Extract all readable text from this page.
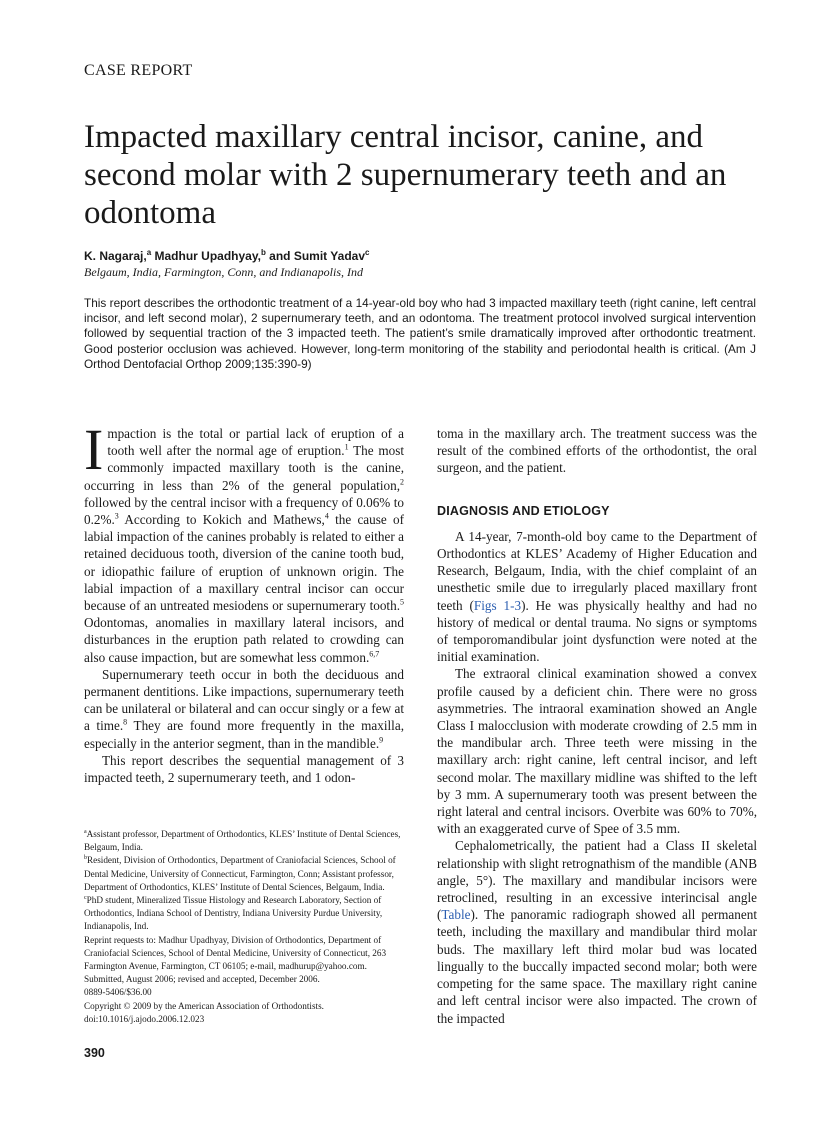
CASE REPORT
Impacted maxillary central incisor, canine, and second molar with 2 supernumerary teeth and an odontoma
K. Nagaraj,$^a$ Madhur Upadhyay,$^b$ and Sumit Yadav$^c$
Belgaum, India, Farmington, Conn, and Indianapolis, Ind
This report describes the orthodontic treatment of a 14-year-old boy who had 3 impacted maxillary teeth (right canine, left central incisor, and left second molar), 2 supernumerary teeth, and an odontoma. The treatment protocol involved surgical intervention followed by sequential traction of the 3 impacted teeth. The patient’s smile dramatically improved after orthodontic treatment. Good posterior occlusion was achieved. However, long-term monitoring of the stability and periodontal health is critical. (Am J Orthod Dentofacial Orthop 2009;135:390-9)

Impaction is the total or partial lack of eruption of a tooth well after the normal age of eruption.$^1$ The most commonly impacted maxillary tooth is the canine, occurring in less than 2% of the general population,$^2$ followed by the central incisor with a frequency of 0.06% to 0.2%.$^3$ According to Kokich and Mathews,$^4$ the cause of labial impaction of the canines probably is related to either a retained deciduous tooth, diversion of the canine tooth bud, or idiopathic failure of eruption of unknown origin. The labial impaction of a maxillary central incisor can occur because of an untreated mesiodens or supernumerary tooth.$^5$ Odontomas, anomalies in maxillary lateral incisors, and disturbances in the eruption path related to crowding can also cause impaction, but are somewhat less common.$^{6,7}$

Supernumerary teeth occur in both the deciduous and permanent dentitions. Like impactions, supernumerary teeth can be unilateral or bilateral and can occur singly or a few at a time.$^8$ They are found more frequently in the maxilla, especially in the anterior segment, than in the mandible.$^9$

This report describes the sequential management of 3 impacted teeth, 2 supernumerary teeth, and 1 odon-

$^a$Assistant professor, Department of Orthodontics, KLES’ Institute of Dental Sciences, Belgaum, India.

$^b$Resident, Division of Orthodontics, Department of Craniofacial Sciences, School of Dental Medicine, University of Connecticut, Farmington, Conn; Assistant professor, Department of Orthodontics, KLES’ Institute of Dental Sciences, Belgaum, India.

$^c$PhD student, Mineralized Tissue Histology and Research Laboratory, Section of Orthodontics, Indiana School of Dentistry, Indiana University Purdue University, Indianapolis, Ind.

Reprint requests to: Madhur Upadhyay, Division of Orthodontics, Department of Craniofacial Sciences, School of Dental Medicine, University of Connecticut, 263 Farmington Avenue, Farmington, CT 06105; e-mail, madhurup@yahoo.com.

Submitted, August 2006; revised and accepted, December 2006.

0889-5406/$36.00

Copyright © 2009 by the American Association of Orthodontists.

doi:10.1016/j.ajodo.2006.12.023

toma in the maxillary arch. The treatment success was the result of the combined efforts of the orthodontist, the oral surgeon, and the patient.

DIAGNOSIS AND ETIOLOGY

A 14-year, 7-month-old boy came to the Department of Orthodontics at KLES’ Academy of Higher Education and Research, Belgaum, India, with the chief complaint of an unesthetic smile due to irregularly placed maxillary front teeth (Figs 1-3). He was physically healthy and had no history of medical or dental trauma. No signs or symptoms of temporomandibular joint dysfunction were noted at the initial examination.

The extraoral clinical examination showed a convex profile caused by a deficient chin. There were no gross asymmetries. The intraoral examination showed an Angle Class I malocclusion with moderate crowding of 2.5 mm in the mandibular arch. Three teeth were missing in the maxillary arch: right canine, left central incisor, and left second molar. The maxillary midline was shifted to the left by 3 mm. A supernumerary tooth was present between the right lateral and central incisors. Overbite was 60% to 70%, with an exaggerated curve of Spee of 3.5 mm.

Cephalometrically, the patient had a Class II skeletal relationship with slight retrognathism of the mandible (ANB angle, 5°). The maxillary and mandibular incisors were retroclined, resulting in an excessive interincisal angle (Table). The panoramic radiograph showed all permanent teeth, including the maxillary and mandibular third molar buds. The maxillary left third molar bud was located lingually to the buccally impacted second molar; both were competing for the same space. The maxillary right canine and left central incisor were also impacted. The crown of the impacted

390
